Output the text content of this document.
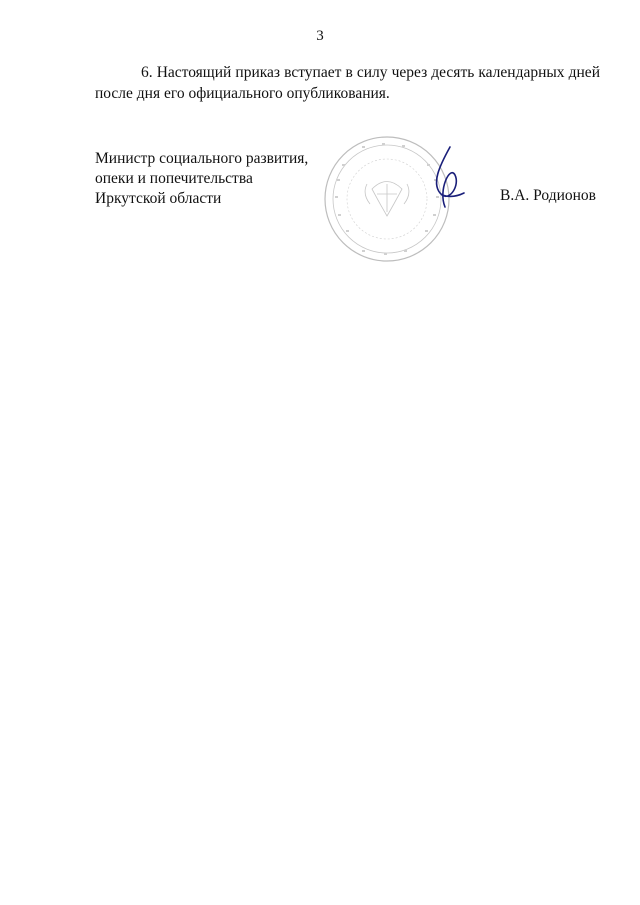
3
6. Настоящий приказ вступает в силу через десять календарных дней
после дня его официального опубликования.
Министр социального развития,
опеки и попечительства
Иркутской области	В.А. Родионов
